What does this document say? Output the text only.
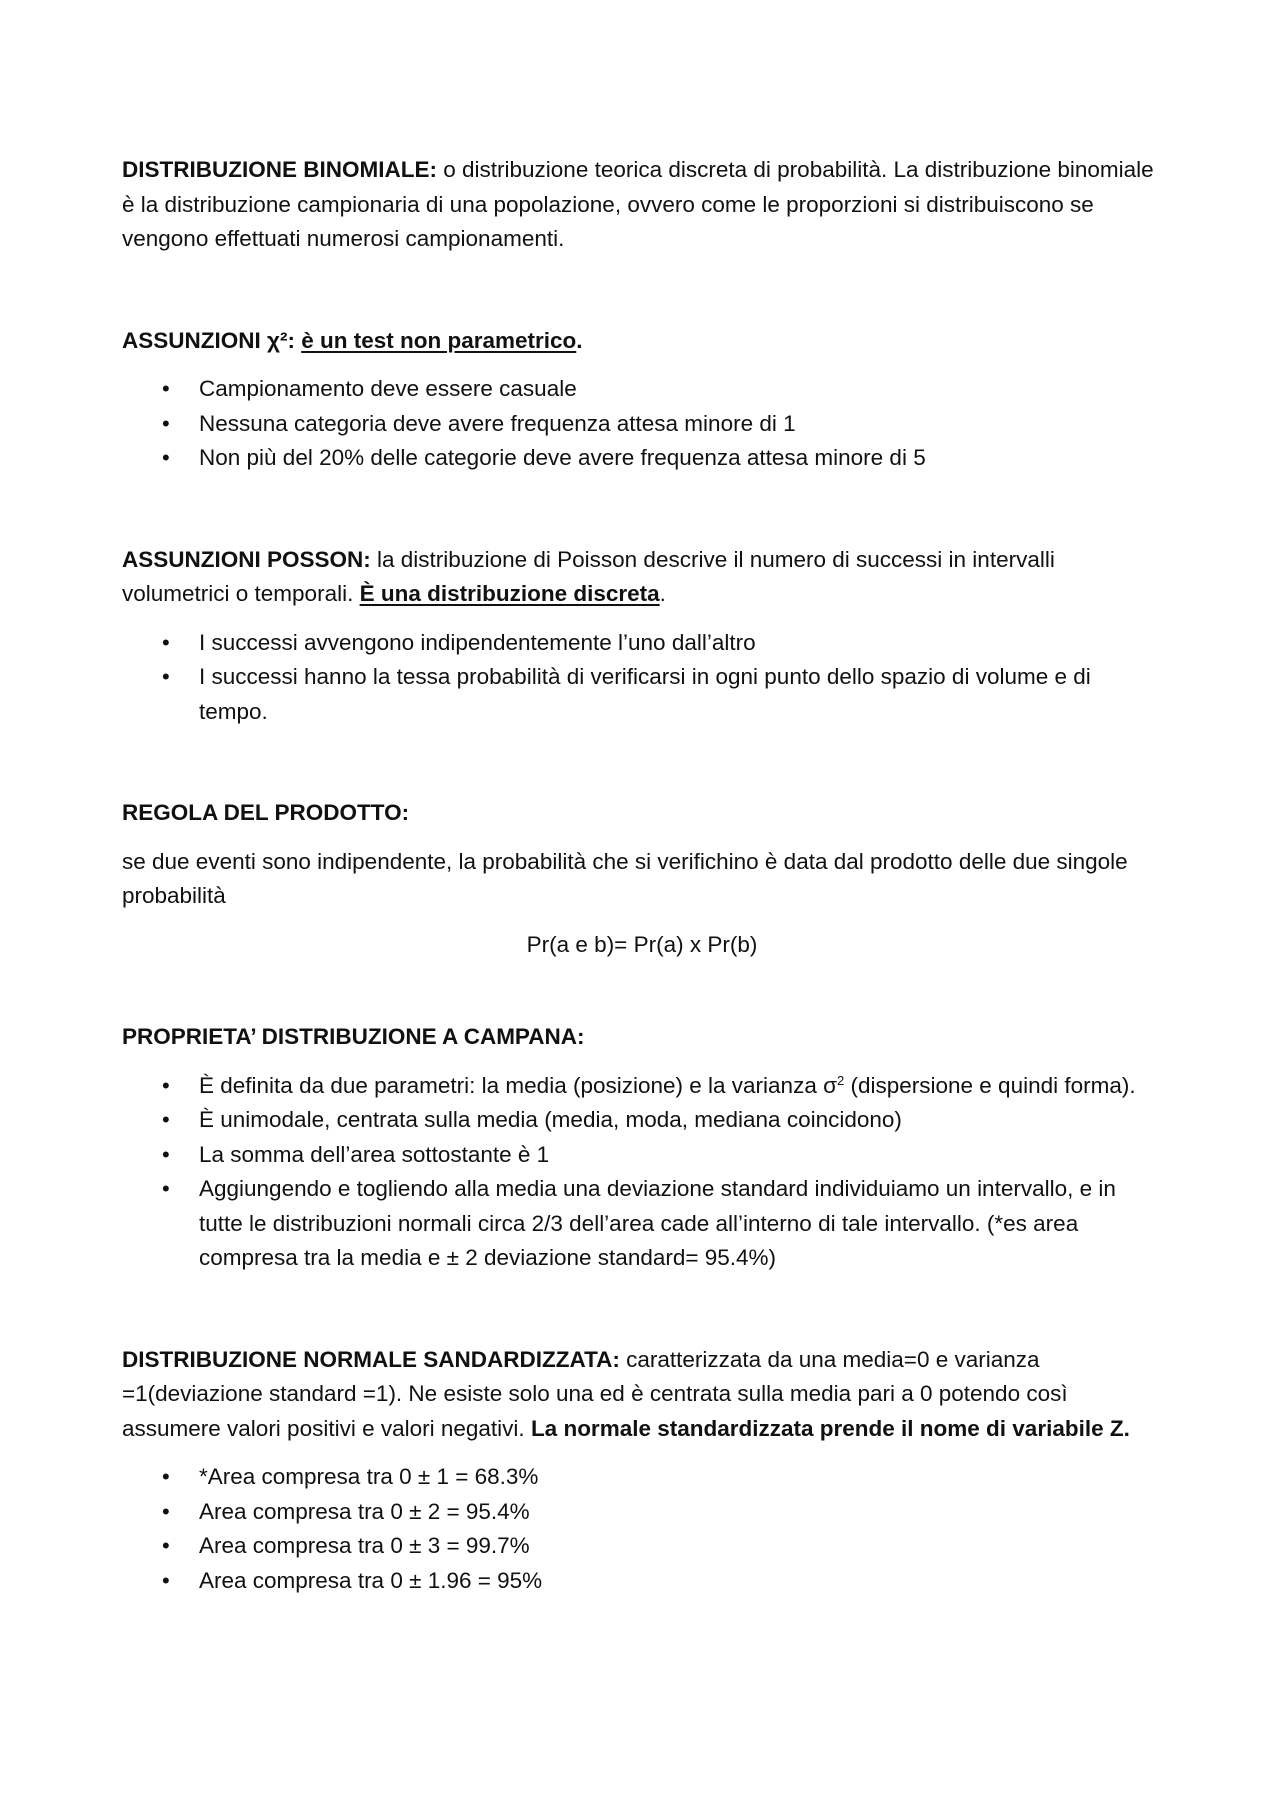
DISTRIBUZIONE BINOMIALE: o distribuzione teorica discreta di probabilità. La distribuzione binomiale è la distribuzione campionaria di una popolazione, ovvero come le proporzioni si distribuiscono se vengono effettuati numerosi campionamenti.

ASSUNZIONI χ²: è un test non parametrico.

• Campionamento deve essere casuale
• Nessuna categoria deve avere frequenza attesa minore di 1
• Non più del 20% delle categorie deve avere frequenza attesa minore di 5

ASSUNZIONI POSSON: la distribuzione di Poisson descrive il numero di successi in intervalli volumetrici o temporali. È una distribuzione discreta.

• I successi avvengono indipendentemente l’uno dall’altro
• I successi hanno la tessa probabilità di verificarsi in ogni punto dello spazio di volume e di tempo.

REGOLA DEL PRODOTTO:

se due eventi sono indipendente, la probabilità che si verifichino è data dal prodotto delle due singole probabilità

Pr(a e b)= Pr(a) x Pr(b)

PROPRIETA’ DISTRIBUZIONE A CAMPANA:

• È definita da due parametri: la media (posizione) e la varianza $\sigma^2$ (dispersione e quindi forma).
• È unimodale, centrata sulla media (media, moda, mediana coincidono)
• La somma dell’area sottostante è 1
• Aggiungendo e togliendo alla media una deviazione standard individuiamo un intervallo, e in tutte le distribuzioni normali circa 2/3 dell’area cade all’interno di tale intervallo. (*es area compresa tra la media e ± 2 deviazione standard= 95.4%)

DISTRIBUZIONE NORMALE SANDARDIZZATA: caratterizzata da una media=0 e varianza =1(deviazione standard =1). Ne esiste solo una ed è centrata sulla media pari a 0 potendo così assumere valori positivi e valori negativi. La normale standardizzata prende il nome di variabile Z.

• *Area compresa tra 0 ± 1 = 68.3%
• Area compresa tra 0 ± 2 = 95.4%
• Area compresa tra 0 ± 3 = 99.7%
• Area compresa tra 0 ± 1.96 = 95%
